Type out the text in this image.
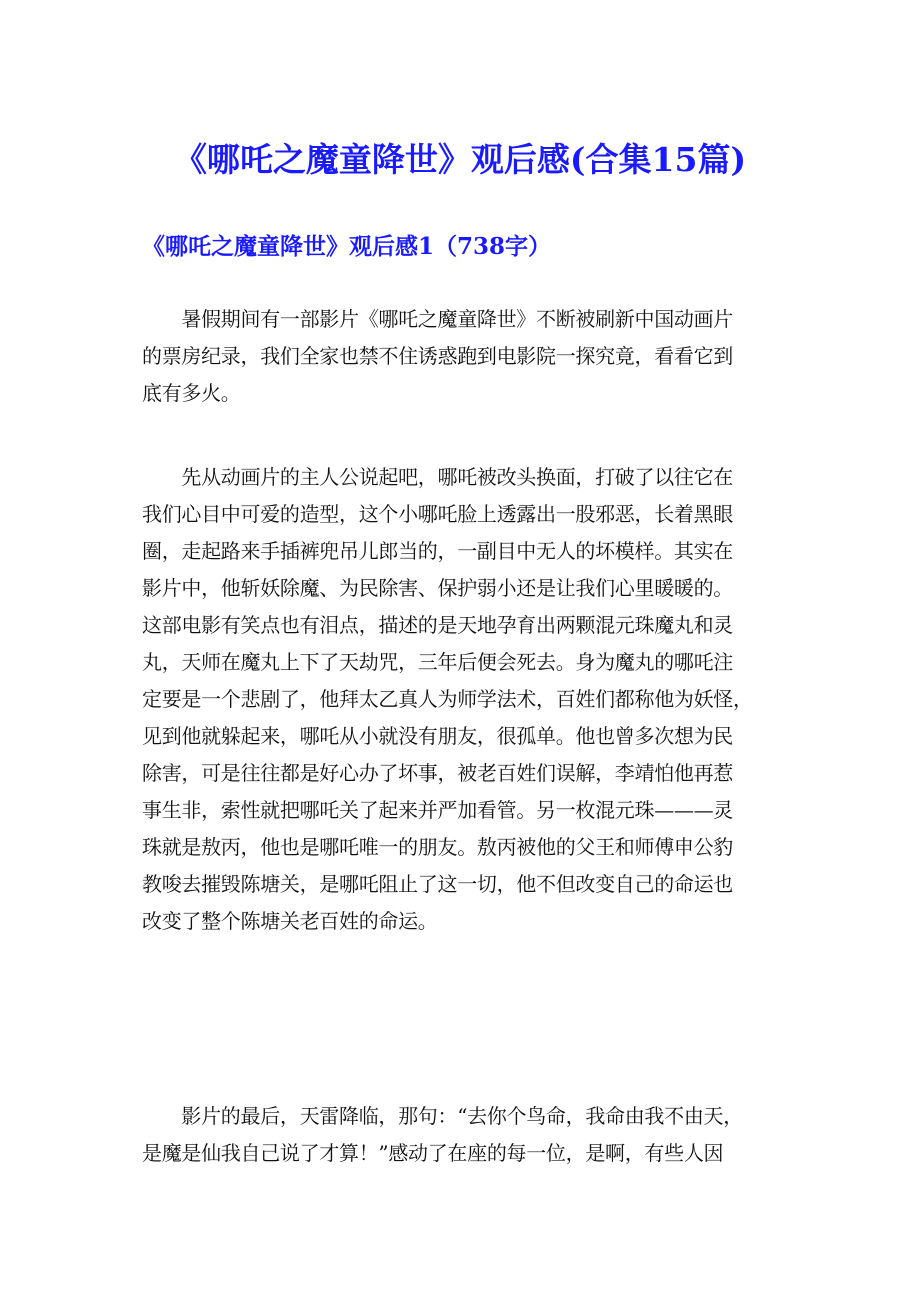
《哪吒之魔童降世》观后感(合集15篇)
《哪吒之魔童降世》观后感1（738字）
　　暑假期间有一部影片《哪吒之魔童降世》不断被刷新中国动画片
的票房纪录，我们全家也禁不住诱惑跑到电影院一探究竟，看看它到
底有多火。
　　先从动画片的主人公说起吧，哪吒被改头换面，打破了以往它在
我们心目中可爱的造型，这个小哪吒脸上透露出一股邪恶，长着黑眼
圈，走起路来手插裤兜吊儿郎当的，一副目中无人的坏模样。其实在
影片中，他斩妖除魔、为民除害、保护弱小还是让我们心里暖暖的。
这部电影有笑点也有泪点，描述的是天地孕育出两颗混元珠魔丸和灵
丸，天师在魔丸上下了天劫咒，三年后便会死去。身为魔丸的哪吒注
定要是一个悲剧了，他拜太乙真人为师学法术，百姓们都称他为妖怪，
见到他就躲起来，哪吒从小就没有朋友，很孤单。他也曾多次想为民
除害，可是往往都是好心办了坏事，被老百姓们误解，李靖怕他再惹
事生非，索性就把哪吒关了起来并严加看管。另一枚混元珠———灵
珠就是敖丙，他也是哪吒唯一的朋友。敖丙被他的父王和师傅申公豹
教唆去摧毁陈塘关，是哪吒阻止了这一切，他不但改变自己的命运也
改变了整个陈塘关老百姓的命运。
　　影片的最后，天雷降临，那句：“去你个鸟命，我命由我不由天，
是魔是仙我自己说了才算！”感动了在座的每一位，是啊，有些人因
